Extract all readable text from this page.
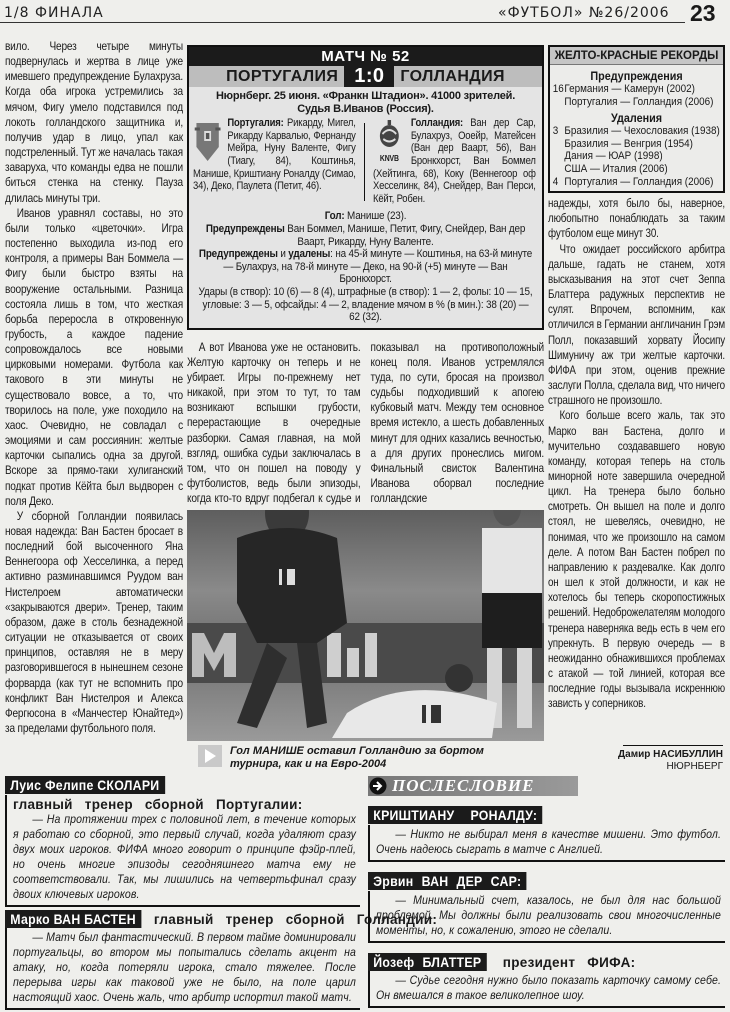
1/8 ФИНАЛА	«ФУТБОЛ» №26/2006 23

вило. Через четыре минуты подвернулась и жертва в лице уже имевшего предупреждение Булахруза. Когда оба игрока устремились за мячом, Фигу умело подставился под локоть голландского защитника и, получив удар в лицо, упал как подстреленный. Тут же началась такая заваруха, что команды едва не пошли биться стенка на стенку. Пауза длилась минуты три.

Иванов уравнял составы, но это были только «цветочки». Игра постепенно выходила из-под его контроля, а примеры Ван Боммела — Фигу были быстро взяты на вооружение остальными. Разница состояла лишь в том, что жесткая борьба переросла в откровенную грубость, а каждое падение сопровождалось все новыми цирковыми номерами. Футбола как такового в эти минуты не существовало вовсе, а то, что творилось на поле, уже походило на хаос. Очевидно, не совладал с эмоциями и сам россиянин: желтые карточки сыпались одна за другой. Вскоре за прямо-таки хулиганский подкат против Кёйта был выдворен с поля Деко.

У сборной Голландии появилась новая надежда: Ван Бастен бросает в последний бой высоченного Яна Веннегоора оф Хесселинка, а перед активно разминавшимся Руудом ван Нистелроем автоматически «закрываются двери». Тренер, таким образом, даже в столь безнадежной ситуации не отказывается от своих принципов, оставляя не в меру разговорившегося в нынешнем сезоне форварда (как тут не вспомнить про конфликт Ван Нистелроя и Алекса Фергюсона в «Манчестер Юнайтед») за пределами футбольного поля.

МАТЧ № 52
ПОРТУГАЛИЯ 1:0	ГОЛЛАНДИЯ
Нюрнберг. 25 июня. «Франкн Штадион». 41000 зрителей.
Судья В.Иванов (Россия).
Португалия: Рикарду, Мигел, Рикарду Карвалью, Фернанду Мейра, Нуну Валенте, Фигу (Тиагу, 84), Коштинья, Манише, Криштиану Роналду (Симао, 34), Деко, Паулета (Петит, 46).
KNVB
Голландия: Ван дер Сар, Булахруз, Ооейр, Матейсен (Ван дер Ваарт, 56), Ван Бронкхорст, Ван Боммел (Хейтинга, 68), Коку (Веннегоор оф Хесселинк, 84), Снейдер, Ван Перси, Кёйт, Робен.
Гол: Манише (23).
Предупреждены Ван Боммел, Манише, Петит, Фигу, Снейдер, Ван дер Ваарт, Рикарду, Нуну Валенте.
Предупреждены и удалены: на 45-й минуте — Коштинья, на 63-й минуте — Булахруз, на 78-й минуте — Деко, на 90-й (+5) минуте — Ван Бронкхорст.
Удары (в створ): 10 (6) — 8 (4), штрафные (в створ): 1 — 2, фолы: 10 — 15, угловые: 3 — 5, офсайды: 4 — 2, владение мячом в % (в мин.): 38 (20) — 62 (32).
А вот Иванова уже не остановить. Желтую карточку он теперь и не убирает. Игры по-прежнему нет никакой, при этом то тут, то там возникают вспышки грубости, перерастающие в очередные разборки. Самая главная, на мой взгляд, ошибка судьи заключалась в том, что он пошел на поводу у футболистов, ведь были эпизоды, когда кто-то вдруг подбегал к судье и показывал на противоположный конец поля. Иванов устремлялся туда, по сути, бросая на произвол судьбы подходивший к апогею кубковый матч. Между тем основное время истекло, а шесть добавленных минут для одних казались вечностью, а для других пронеслись мигом. Финальный свисток Валентина Иванова оборвал последние голландские
Гол МАНИШЕ оставил Голландию за бортом турнира, как и на Евро-2004
ЖЕЛТО-КРАСНЫЕ РЕКОРДЫ
Предупреждения
16 Германия — Камерун (2002)
Португалия — Голландия (2006)
Удаления
3 Бразилия — Чехословакия (1938)
Бразилия — Венгрия (1954)
Дания — ЮАР (1998)
США — Италия (2006)
4 Португалия — Голландия (2006)

надежды, хотя было бы, наверное, любопытно понаблюдать за таким футболом еще минут 30.

Что ожидает российского арбитра дальше, гадать не станем, хотя высказывания на этот счет Зеппа Блаттера радужных перспектив не сулят. Впрочем, вспомним, как отличился в Германии англичанин Грэм Полл, показавший хорвату Йосипу Шимуничу аж три желтые карточки. ФИФА при этом, оценив прежние заслуги Полла, сделала вид, что ничего страшного не произошло.

Кого больше всего жаль, так это Марко ван Бастена, долго и мучительно создававшего новую команду, которая теперь на столь минорной ноте завершила очередной цикл. На тренера было больно смотреть. Он вышел на поле и долго стоял, не шевелясь, очевидно, не понимая, что же произошло на самом деле. А потом Ван Бастен побрел по направлению к раздевалке. Как долго он шел к этой должности, и как не хотелось бы теперь скоропостижных решений. Недоброжелателям молодого тренера наверняка ведь есть в чем его упрекнуть. В первую очередь — в неожиданно обнажившихся проблемах с атакой — той линией, которая все последние годы вызывала искреннюю зависть у соперников.

Дамир НАСИБУЛЛИН
НЮРНБЕРГ
Луис Фелипе СКОЛАРИ
главный тренер сборной Португалии:
— На протяжении трех с половиной лет, в течение которых я работаю со сборной, это первый случай, когда удаляют сразу двух моих игроков. ФИФА много говорит о принципе фэйр-плей, но очень многие эпизоды сегодняшнего матча ему не соответствовали. Так, мы лишились на четвертьфинал сразу двоих ключевых игроков.
Марко ВАН БАСТЕН	главный тренер сборной Голландии:
— Матч был фантастический. В первом тайме доминировали португальцы, во втором мы попытались сделать акцент на атаку, но, когда потеряли игрока, стало тяжелее. После перерыва игры как таковой уже не было, на поле царил настоящий хаос. Очень жаль, что арбитр испортил такой матч.
ПОСЛЕСЛОВИЕ
КРИШТИАНУ РОНАЛДУ:
— Никто не выбирал меня в качестве мишени. Это футбол. Очень надеюсь сыграть в матче с Англией.
Эрвин ВАН ДЕР САР:
— Минимальный счет, казалось, не был для нас большой проблемой. Мы должны были реализовать свои многочисленные моменты, но, к сожалению, этого не сделали.
Йозеф БЛАТТЕР	президент ФИФА:
— Судье сегодня нужно было показать карточку самому себе. Он вмешался в такое великолепное шоу.
